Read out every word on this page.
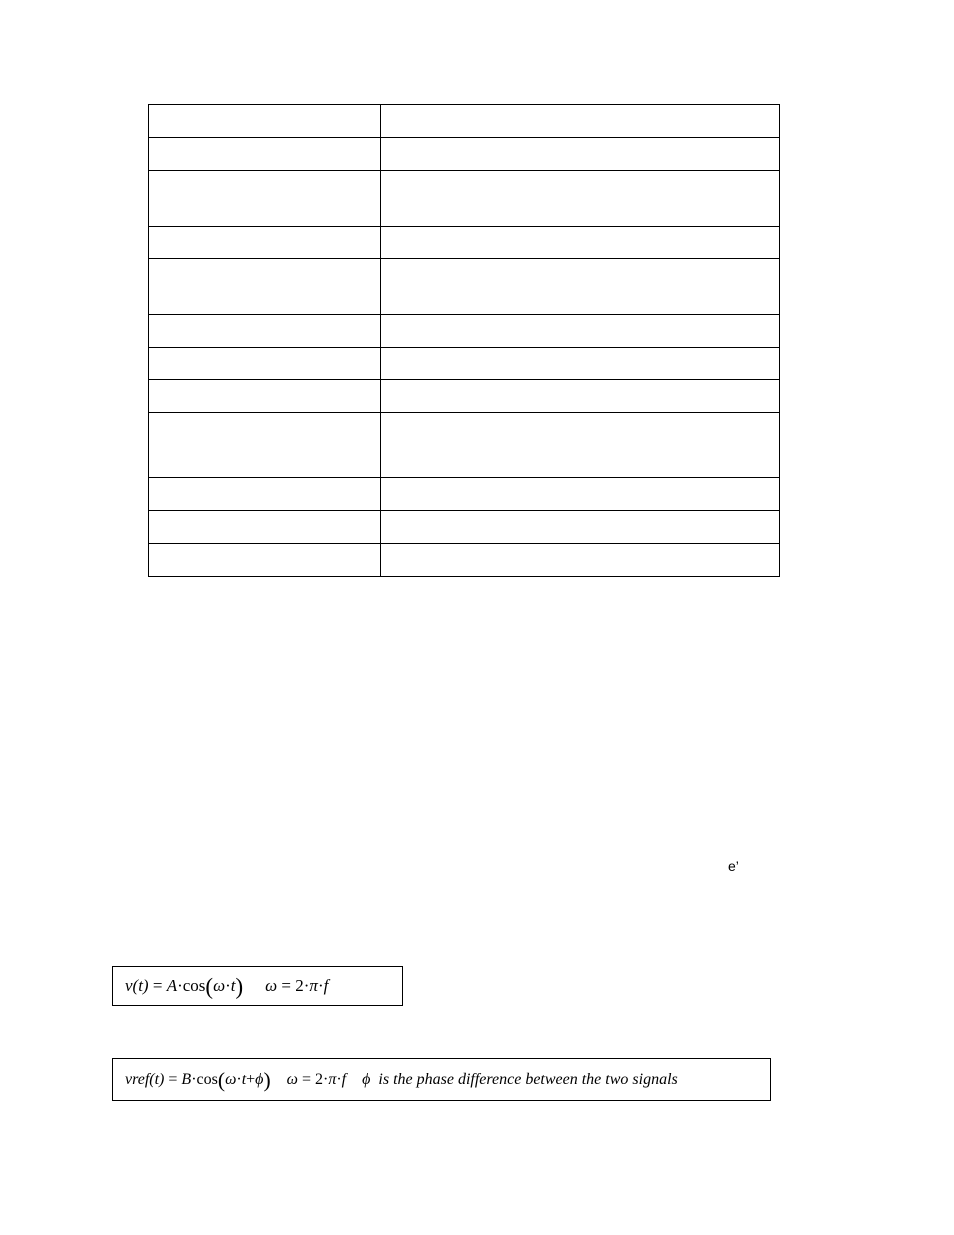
e’
v(t)
=
A · cos ( ω · t ) ω
=
2 · π · f
vref(t)
=
B · cos ( ω · t + ϕ ) ω
=
2 · π · f ϕ
is the phase difference between the two signals
